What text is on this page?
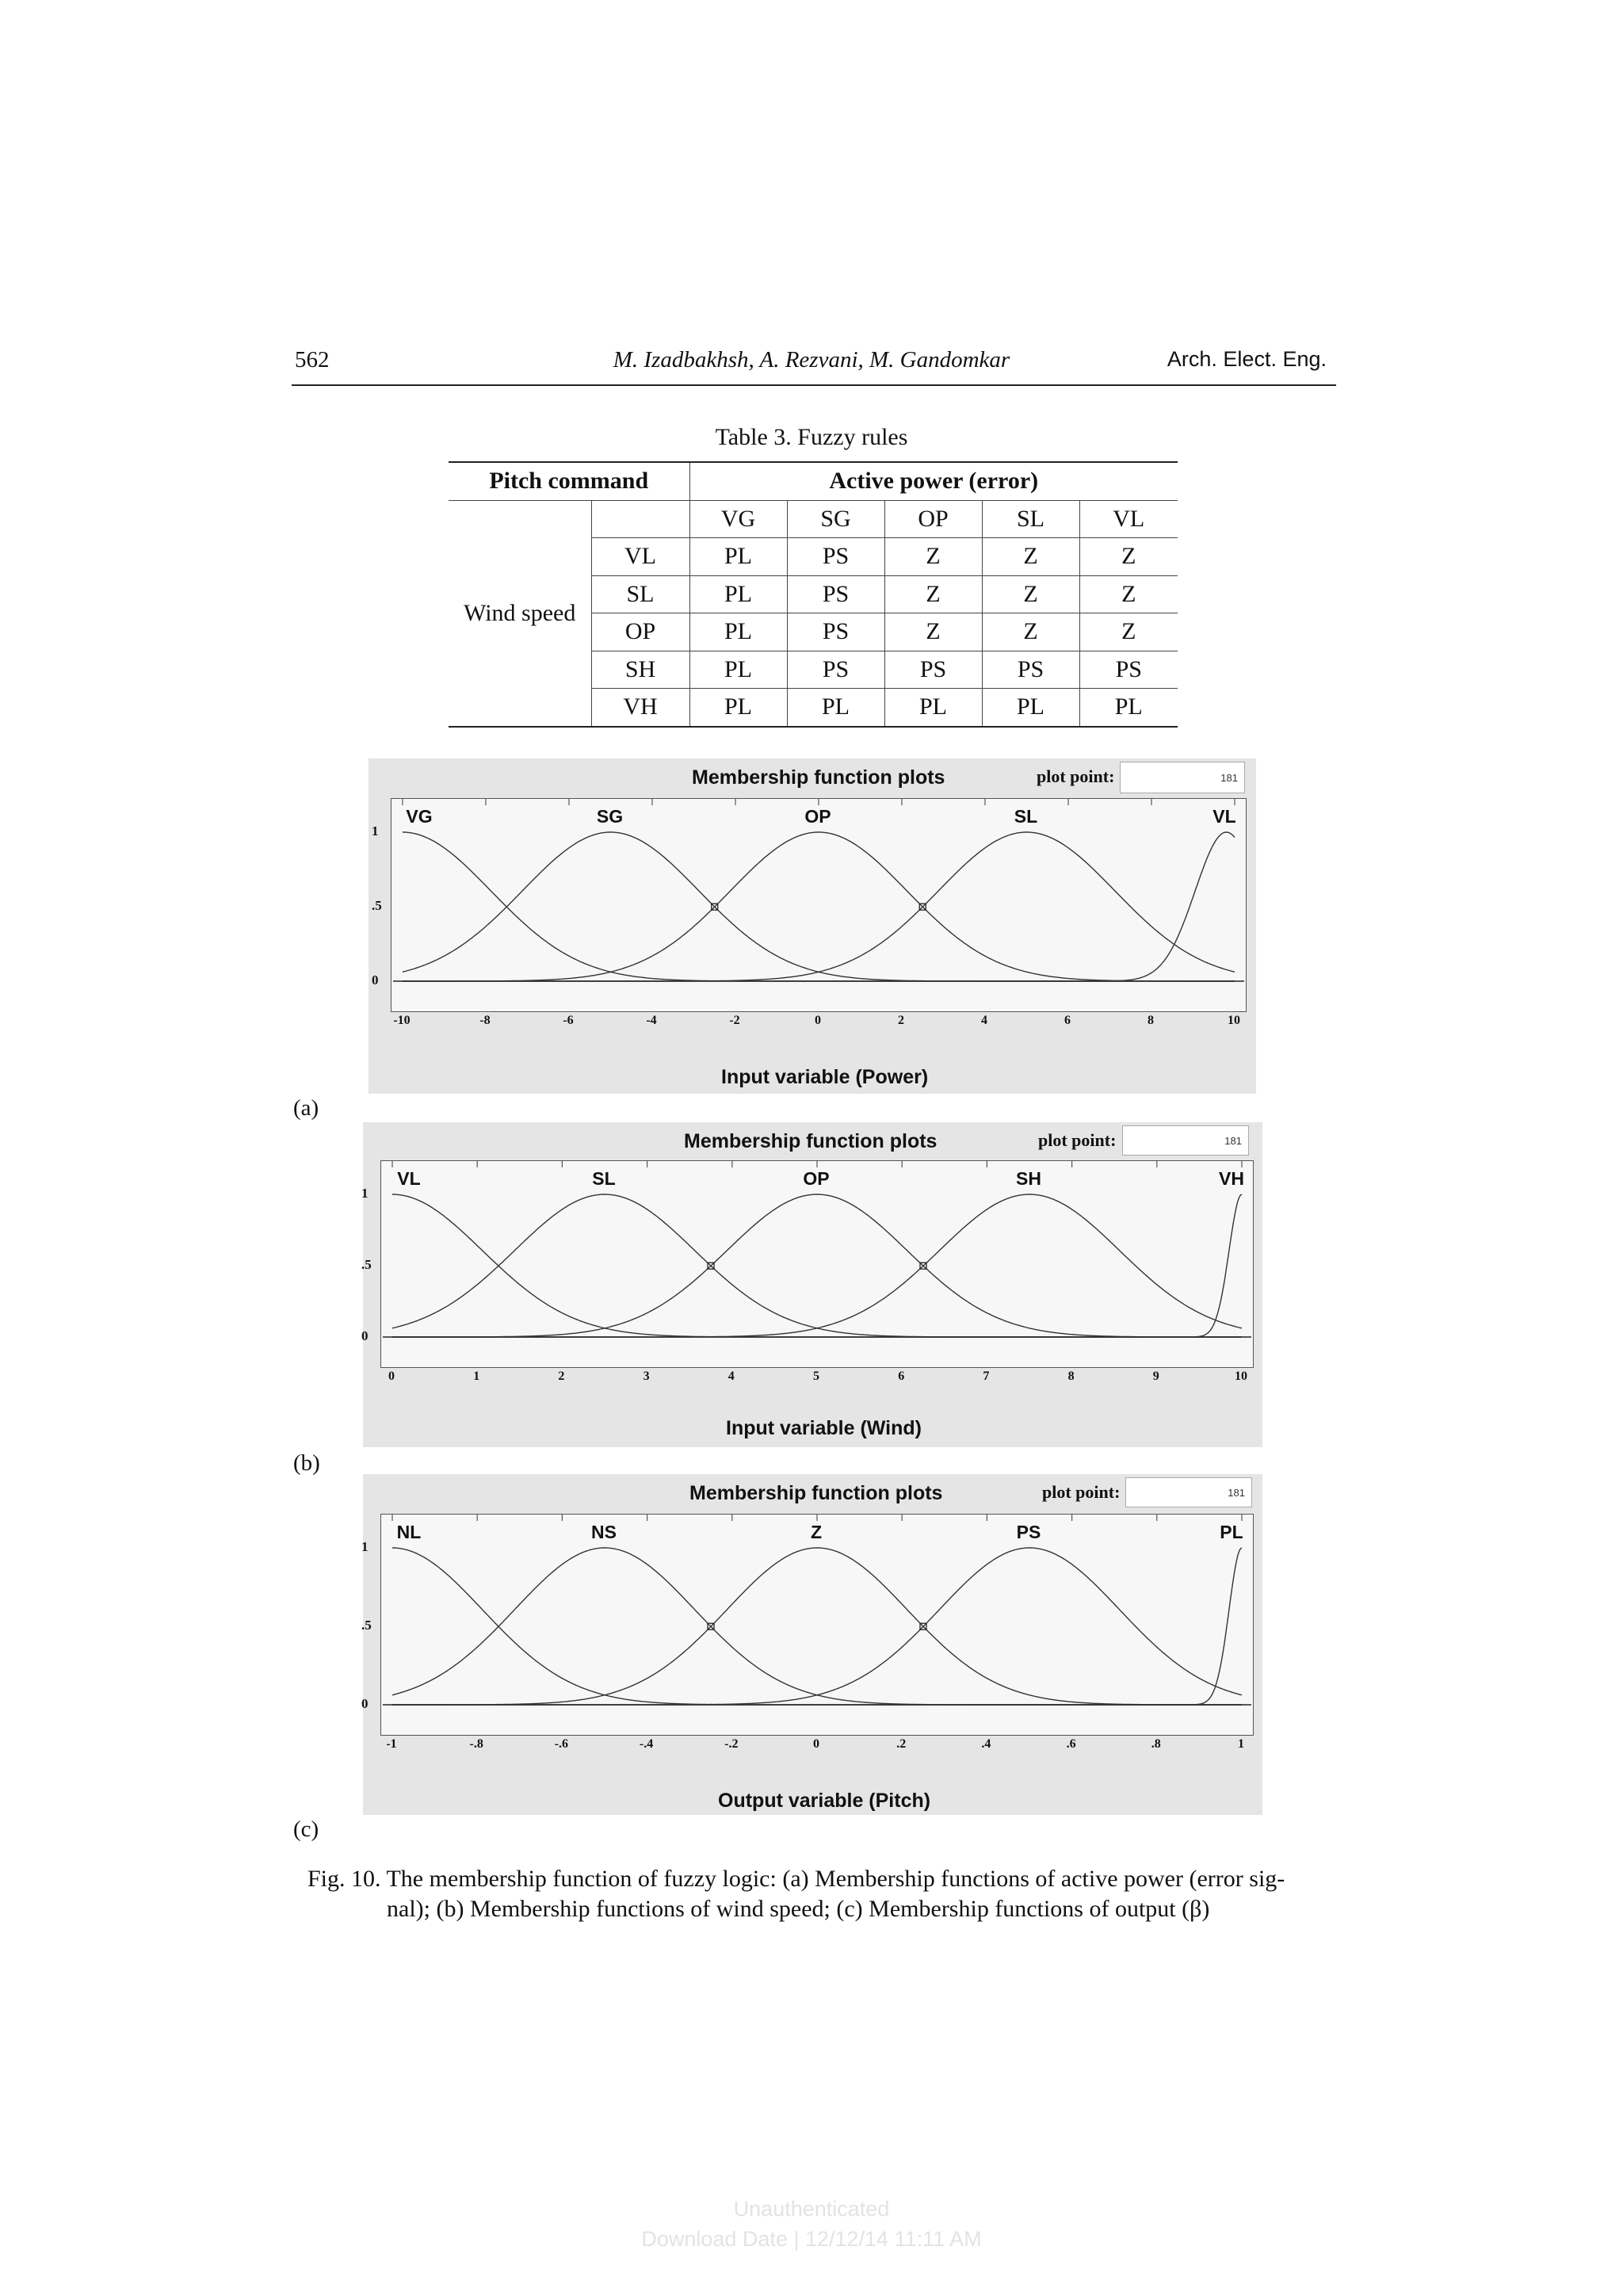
562	M. Izadbakhsh, A. Rezvani, M. Gandomkar	Arch. Elect. Eng.
Table 3. Fuzzy rules
Pitch command		Active power (error)				
Wind speed		VG	SG	OP	SL	VL
	VL	PL	PS	Z	Z	Z
	SL	PL	PS	Z	Z	Z
	OP	PL	PS	Z	Z	Z
	SH	PL	PS	PS	PS	PS
	VH	PL	PL	PL	PL	PL
Membership function plots	plot point:	181
Input variable (Power)
VG	SG	OP	SL	VL
0
.5
1
-10	-8	-6	-4	-2	0	2	4	6	8	10
(a)
Membership function plots	plot point:	181
Input variable (Wind)
VL	SL	OP	SH	VH
0
.5
1
0	1	2	3	4	5	6	7	8	9	10
(b)
Membership function plots	plot point:	181
Output variable (Pitch)
NL	NS	Z	PS	PL
0
.5
1
-1	-.8	-.6	-.4	-.2	0	.2	.4	.6	.8	1
(c)
Fig. 10. The membership function of fuzzy logic: (a) Membership functions of active power (error sig-
nal); (b) Membership functions of wind speed; (c) Membership functions of output (β)
Unauthenticated
Download Date | 12/12/14 11:11 AM
